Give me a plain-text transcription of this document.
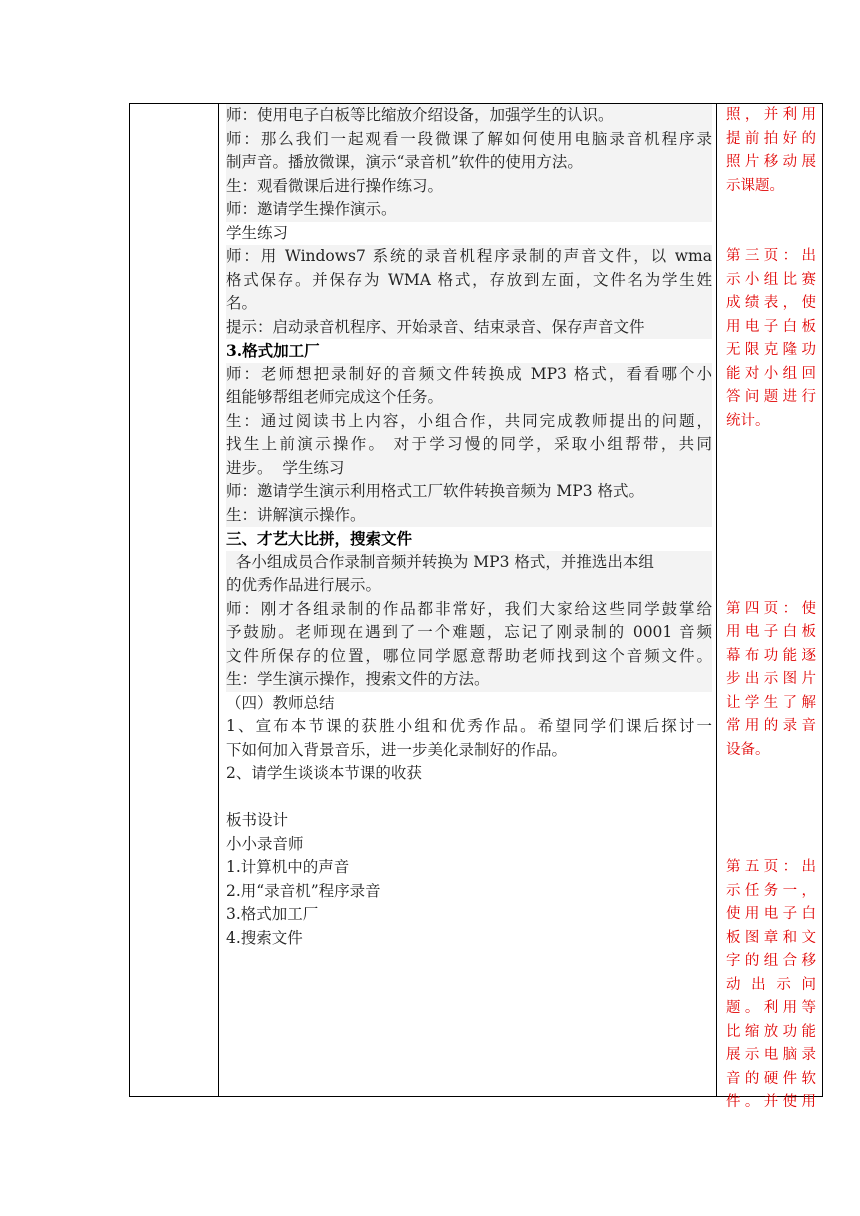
师：使用电子白板等比缩放介绍设备，加强学生的认识。
师：那么我们一起观看一段微课了解如何使用电脑录音机程序录
制声音。播放微课，演示“录音机”软件的使用方法。
生：观看微课后进行操作练习。
师：邀请学生操作演示。
学生练习
师：用 Windows7 系统的录音机程序录制的声音文件，以 wma
格式保存。并保存为 WMA 格式，存放到左面，文件名为学生姓
名。
提示：启动录音机程序、开始录音、结束录音、保存声音文件
3.格式加工厂
师：老师想把录制好的音频文件转换成 MP3 格式，看看哪个小
组能够帮组老师完成这个任务。
生：通过阅读书上内容，小组合作，共同完成教师提出的问题，
找生上前演示操作。 对于学习慢的同学，采取小组帮带，共同
进步。  学生练习
师：邀请学生演示利用格式工厂软件转换音频为 MP3 格式。
生：讲解演示操作。
三、才艺大比拼，搜索文件
各小组成员合作录制音频并转换为 MP3 格式，并推选出本组
的优秀作品进行展示。
师：刚才各组录制的作品都非常好，我们大家给这些同学鼓掌给
予鼓励。老师现在遇到了一个难题，忘记了刚录制的 0001 音频
文件所保存的位置，哪位同学愿意帮助老师找到这个音频文件。
生：学生演示操作，搜索文件的方法。
（四）教师总结
1、宣布本节课的获胜小组和优秀作品。希望同学们课后探讨一
下如何加入背景音乐，进一步美化录制好的作品。
2、请学生谈谈本节课的收获
板书设计
小小录音师
1.计算机中的声音
2.用“录音机”程序录音
3.格式加工厂
4.搜索文件
照，并利用
提前拍好的
照片移动展
示课题。
第三页：出
示小组比赛
成绩表，使
用电子白板
无限克隆功
能对小组回
答问题进行
统计。
第四页：使
用电子白板
幕布功能逐
步出示图片
让学生了解
常用的录音
设备。
第五页：出
示任务一，
使用电子白
板图章和文
字的组合移
动出示问
题。利用等
比缩放功能
展示电脑录
音的硬件软
件。并使用
